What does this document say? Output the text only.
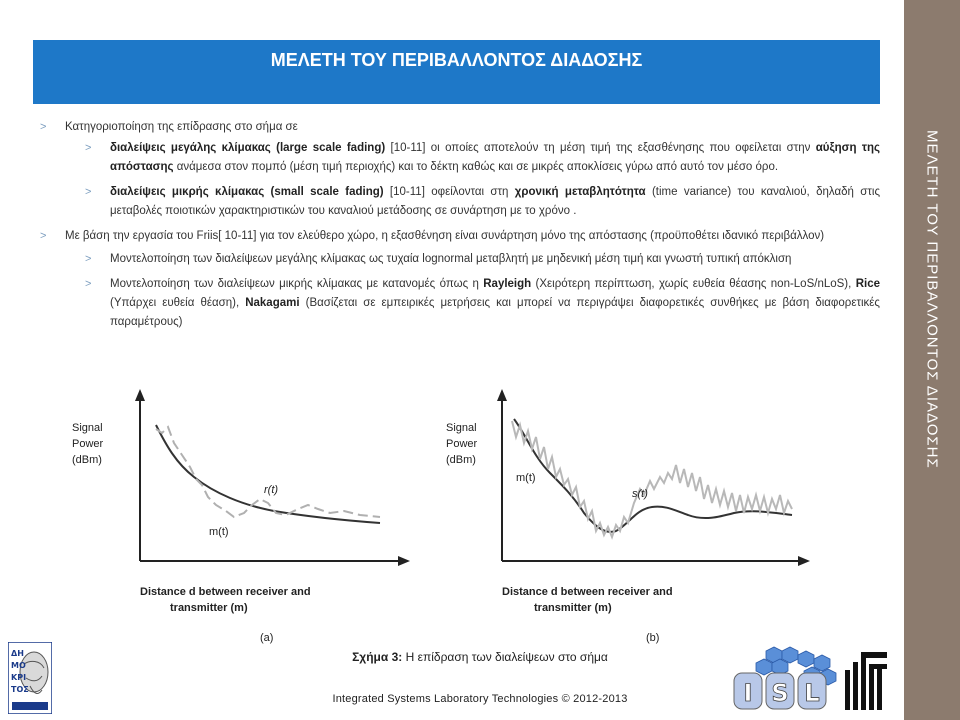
ΜΕΛΕΤΗ ΤΟΥ ΠΕΡΙΒΑΛΛΟΝΤΟΣ ΔΙΑΔΟΣΗΣ
ΜΕΛΕΤΗ ΤΟΥ ΠΕΡΙΒΑΛΛΟΝΤΟΣ ΔΙΑΔΟΣΗΣ
> Κατηγοριοποίηση της επίδρασης στο σήμα σε
> διαλείψεις μεγάλης κλίμακας (large scale fading) [10-11] οι οποίες αποτελούν τη μέση τιμή της εξασθένησης που οφείλεται στην αύξηση της απόστασης ανάμεσα στον πομπό (μέση τιμή περιοχής) και το δέκτη καθώς και σε μικρές αποκλίσεις γύρω από αυτό τον μέσο όρο.
> διαλείψεις μικρής κλίμακας (small scale fading) [10-11] οφείλονται στη χρονική μεταβλητότητα (time variance) του καναλιού, δηλαδή στις μεταβολές ποιοτικών χαρακτηριστικών του καναλιού μετάδοσης σε συνάρτηση με το χρόνο .
> Με βάση την εργασία του Friis[ 10-11] για τον ελεύθερο χώρο, η εξασθένηση είναι συνάρτηση μόνο της απόστασης (προϋποθέτει ιδανικό περιβάλλον)
> Μοντελοποίηση των διαλείψεων μεγάλης κλίμακας ως τυχαία lognormal μεταβλητή με μηδενική μέση τιμή και γνωστή τυπική απόκλιση
> Μοντελοποίηση των διαλείψεων μικρής κλίμακας με κατανομές όπως η Rayleigh (Χειρότερη περίπτωση, χωρίς ευθεία θέασης non-LoS/nLoS), Rice (Υπάρχει ευθεία θέαση), Nakagami (Βασίζεται σε εμπειρικές μετρήσεις και μπορεί να περιγράψει διαφορετικές συνθήκες με βάση διαφορετικές παραμέτρους)
Signal
Power
(dBm)
r(t)
m(t)
Distance d between receiver and
transmitter (m)
(a)
Signal
Power
(dBm)
s(t)
m(t)
Distance d between receiver and
transmitter (m)
(b)
Σχήμα 3: Η επίδραση των διαλείψεων στο σήμα
Integrated Systems Laboratory Technologies © 2012-2013
ΔΗ
ΜΟ
ΚΡΙ
ΤΟΣ	I S L
